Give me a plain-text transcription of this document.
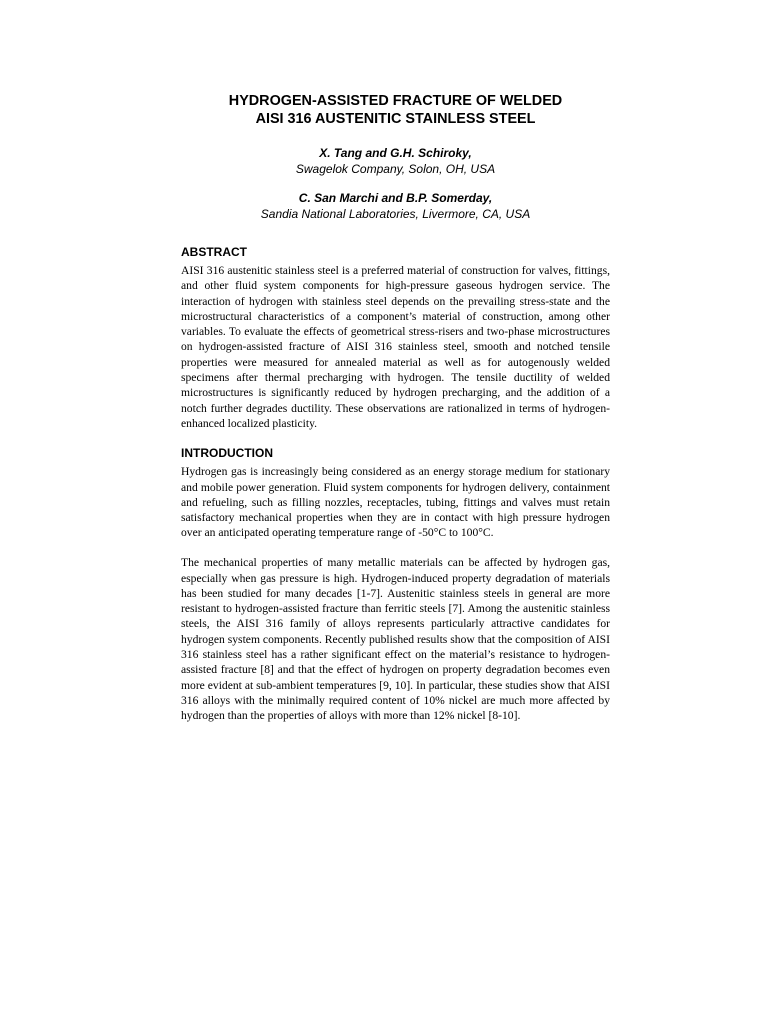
HYDROGEN-ASSISTED FRACTURE OF WELDED
AISI 316 AUSTENITIC STAINLESS STEEL
X. Tang and G.H. Schiroky,
Swagelok Company, Solon, OH, USA
C. San Marchi and B.P. Somerday,
Sandia National Laboratories, Livermore, CA, USA
ABSTRACT

AISI 316 austenitic stainless steel is a preferred material of construction for valves, fittings, and other fluid system components for high-pressure gaseous hydrogen service. The interaction of hydrogen with stainless steel depends on the prevailing stress-state and the microstructural characteristics of a component’s material of construction, among other variables. To evaluate the effects of geometrical stress-risers and two-phase microstructures on hydrogen-assisted fracture of AISI 316 stainless steel, smooth and notched tensile properties were measured for annealed material as well as for autogenously welded specimens after thermal precharging with hydrogen. The tensile ductility of welded microstructures is significantly reduced by hydrogen precharging, and the addition of a notch further degrades ductility. These observations are rationalized in terms of hydrogen-enhanced localized plasticity.

INTRODUCTION

Hydrogen gas is increasingly being considered as an energy storage medium for stationary and mobile power generation. Fluid system components for hydrogen delivery, containment and refueling, such as filling nozzles, receptacles, tubing, fittings and valves must retain satisfactory mechanical properties when they are in contact with high pressure hydrogen over an anticipated operating temperature range of -50°C to 100°C.

The mechanical properties of many metallic materials can be affected by hydrogen gas, especially when gas pressure is high. Hydrogen-induced property degradation of materials has been studied for many decades [1-7]. Austenitic stainless steels in general are more resistant to hydrogen-assisted fracture than ferritic steels [7]. Among the austenitic stainless steels, the AISI 316 family of alloys represents particularly attractive candidates for hydrogen system components. Recently published results show that the composition of AISI 316 stainless steel has a rather significant effect on the material’s resistance to hydrogen-assisted fracture [8] and that the effect of hydrogen on property degradation becomes even more evident at sub-ambient temperatures [9, 10]. In particular, these studies show that AISI 316 alloys with the minimally required content of 10% nickel are much more affected by hydrogen than the properties of alloys with more than 12% nickel [8-10].
